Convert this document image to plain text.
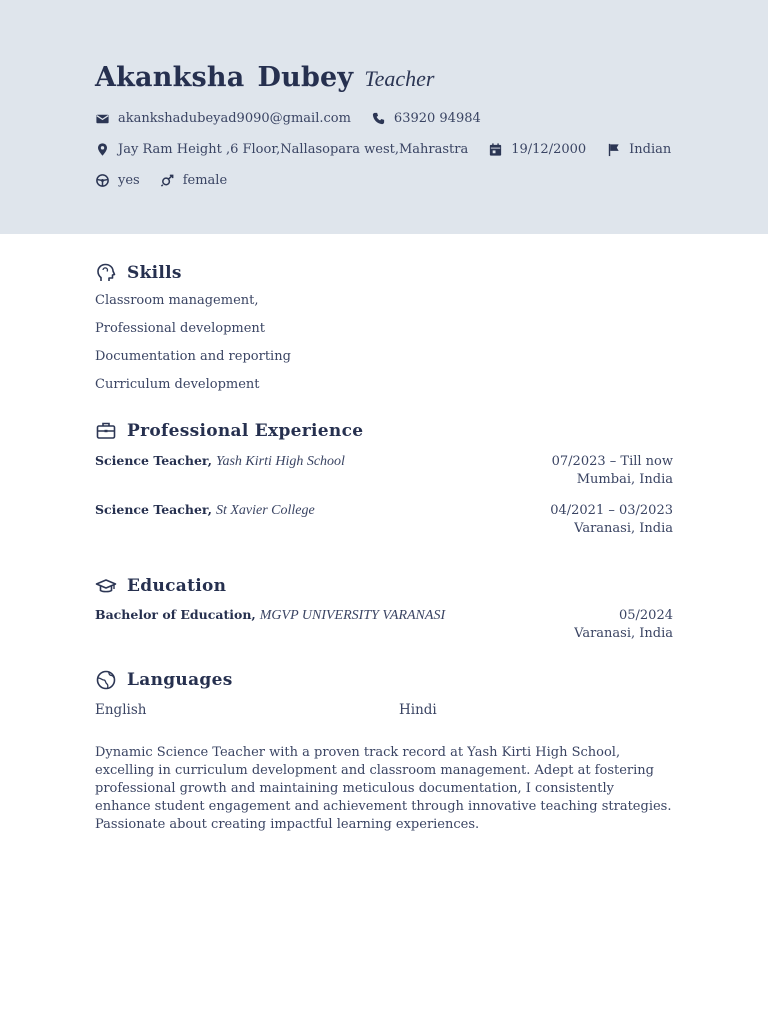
Akanksha Dubey Teacher
akankshadubeyad9090@gmail.com	63920 94984
Jay Ram Height ,6 Floor,Nallasopara west,Mahrastra	19/12/2000	Indian
yes	female
Skills
Classroom management,
Professional development
Documentation and reporting
Curriculum development
Professional Experience
Science Teacher, Yash Kirti High School	07/2023 – Till now
Mumbai, India
Science Teacher, St Xavier College	04/2021 – 03/2023
Varanasi, India
Education
Bachelor of Education, MGVP UNIVERSITY VARANASI	05/2024
Varanasi, India
Languages
English	Hindi
Dynamic Science Teacher with a proven track record at Yash Kirti High School, excelling in curriculum development and classroom management. Adept at fostering professional growth and maintaining meticulous documentation, I consistently enhance student engagement and achievement through innovative teaching strategies. Passionate about creating impactful learning experiences.
